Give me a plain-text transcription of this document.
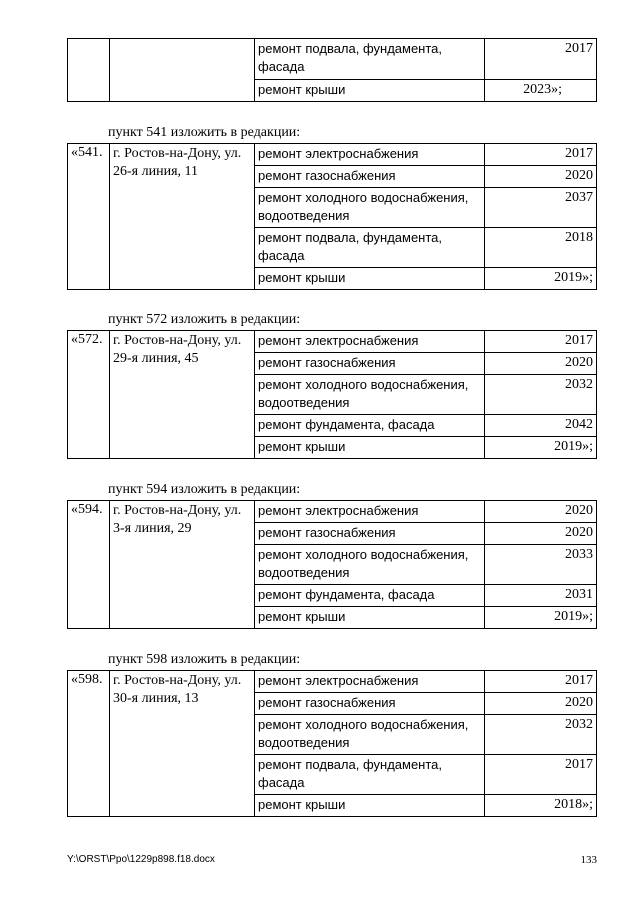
		ремонт подвала, фундамента, фасада	2017
		ремонт крыши	2023»;
пункт 541 изложить в редакции:
«541.	г. Ростов-на-Дону, ул. 26-я линия, 11	ремонт электроснабжения	2017
		ремонт газоснабжения	2020
		ремонт холодного водоснабжения, водоотведения	2037
		ремонт подвала, фундамента, фасада	2018
		ремонт крыши	2019»;
пункт 572 изложить в редакции:
«572.	г. Ростов-на-Дону, ул. 29-я линия, 45	ремонт электроснабжения	2017
		ремонт газоснабжения	2020
		ремонт холодного водоснабжения, водоотведения	2032
		ремонт фундамента, фасада	2042
		ремонт крыши	2019»;
пункт 594 изложить в редакции:
«594.	г. Ростов-на-Дону, ул. 3-я линия, 29	ремонт электроснабжения	2020
		ремонт газоснабжения	2020
		ремонт холодного водоснабжения, водоотведения	2033
		ремонт фундамента, фасада	2031
		ремонт крыши	2019»;
пункт 598 изложить в редакции:
«598.	г. Ростов-на-Дону, ул. 30-я линия, 13	ремонт электроснабжения	2017
		ремонт газоснабжения	2020
		ремонт холодного водоснабжения, водоотведения	2032
		ремонт подвала, фундамента, фасада	2017
		ремонт крыши	2018»;
Y:\ORST\Ppo\1229p898.f18.docx	133
